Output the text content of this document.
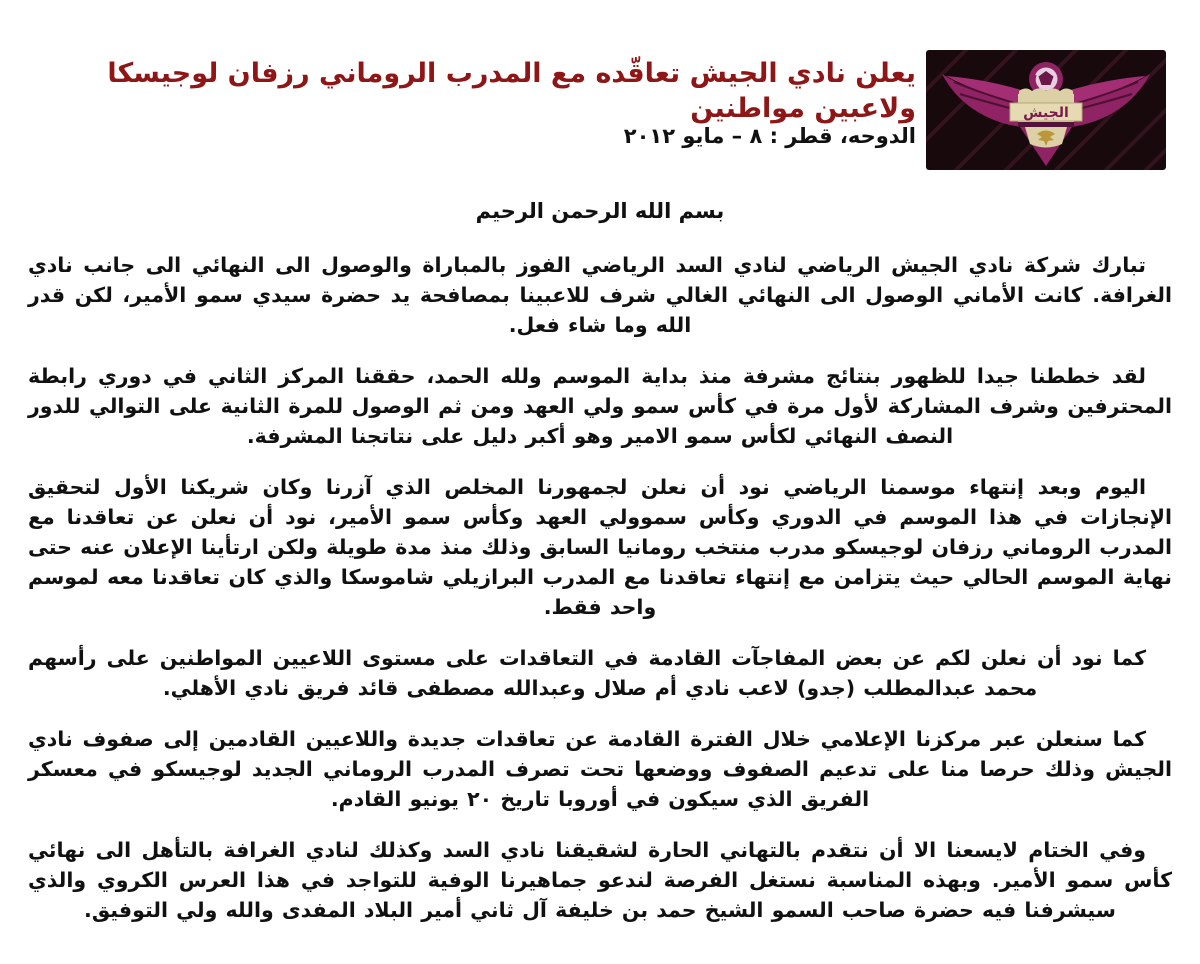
يعلن نادي الجيش تعاقّده مع المدرب الروماني رزفان لوجيسكا ولاعبين مواطنين
الدوحه، قطر : ٨ – مايو ٢٠١٢
الجيش

بسم الله الرحمن الرحيم

تبارك شركة نادي الجيش الرياضي لنادي السد الرياضي الفوز بالمباراة والوصول الى النهائي الى جانب نادي الغرافة. كانت الأماني الوصول الى النهائي الغالي شرف للاعبينا بمصافحة يد حضرة سيدي سمو الأمير، لكن قدر الله وما شاء فعل.

لقد خططنا جيدا للظهور بنتائج مشرفة منذ بداية الموسم ولله الحمد، حققنا المركز الثاني في دوري رابطة المحترفين وشرف المشاركة لأول مرة في كأس سمو ولي العهد ومن ثم الوصول للمرة الثانية على التوالي للدور النصف النهائي لكأس سمو الامير وهو أكبر دليل على نتاتجنا المشرفة.

اليوم وبعد إنتهاء موسمنا الرياضي نود أن نعلن لجمهورنا المخلص الذي آزرنا وكان شريكنا الأول لتحقيق الإنجازات في هذا الموسم في الدوري وكأس سموولي العهد وكأس سمو الأمير، نود أن نعلن عن تعاقدنا مع المدرب الروماني رزفان لوجيسكو مدرب منتخب رومانيا السابق وذلك منذ مدة طويلة ولكن ارتأينا الإعلان عنه حتى نهاية الموسم الحالي حيث يتزامن مع إنتهاء تعاقدنا مع المدرب البرازيلي شاموسكا والذي كان تعاقدنا معه لموسم واحد فقط.

كما نود أن نعلن لكم عن بعض المفاجآت القادمة في التعاقدات على مستوى اللاعيين المواطنين على رأسهم محمد عبدالمطلب (جدو) لاعب نادي أم صلال وعبدالله مصطفى قائد فريق نادي الأهلي.

كما سنعلن عبر مركزنا الإعلامي خلال الفترة القادمة عن تعاقدات جديدة واللاعيين القادمين إلى صفوف نادي الجيش وذلك حرصا منا على تدعيم الصفوف ووضعها تحت تصرف المدرب الروماني الجديد لوجيسكو في معسكر الفريق الذي سيكون في أوروبا تاريخ ٢٠ يونيو القادم.

وفي الختام لايسعنا الا أن نتقدم بالتهاني الحارة لشقيقنا نادي السد وكذلك لنادي الغرافة بالتأهل الى نهائي كأس سمو الأمير. وبهذه المناسبة نستغل الفرصة لندعو جماهيرنا الوفية للتواجد في هذا العرس الكروي والذي سيشرفنا فيه حضرة صاحب السمو الشيخ حمد بن خليفة آل ثاني أمير البلاد المفدى والله ولي التوفيق.
